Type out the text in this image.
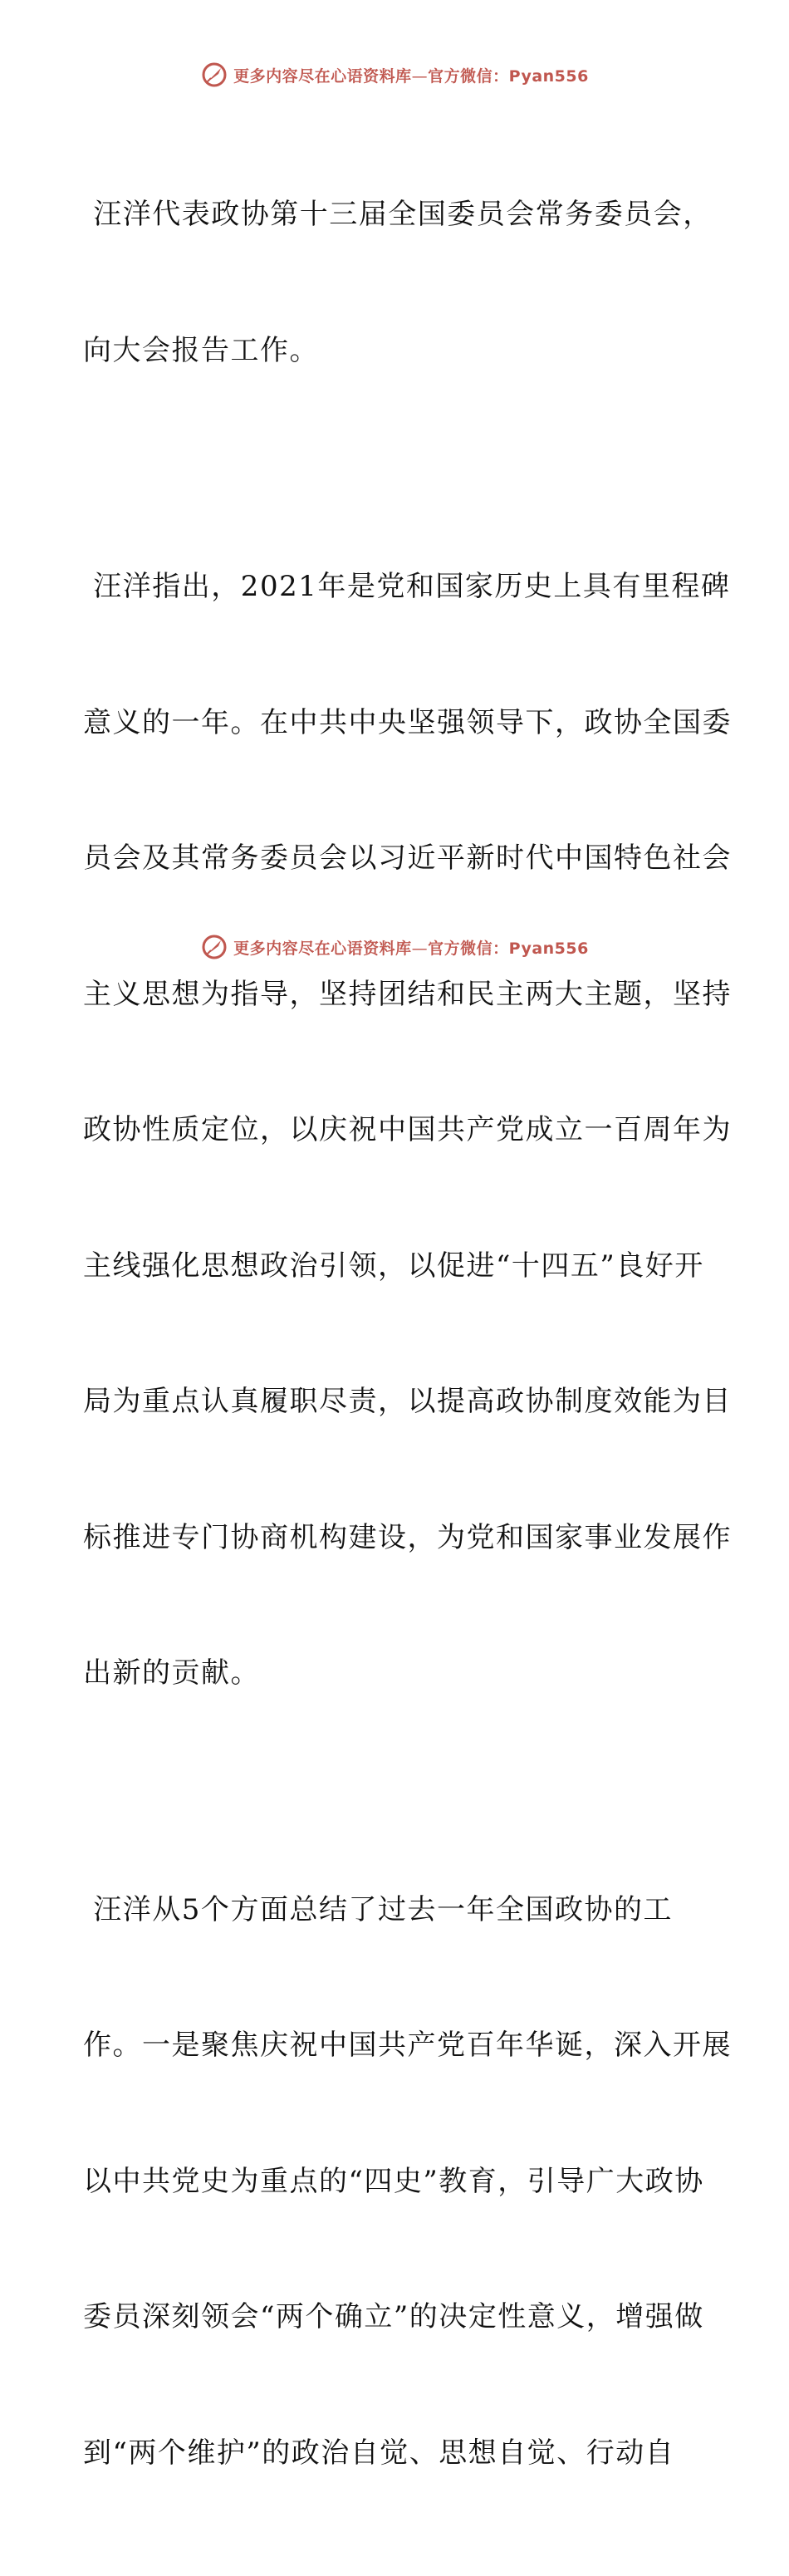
更多内容尽在心语资料库—官方微信：Pyan556

汪洋代表政协第十三届全国委员会常务委员会，

向大会报告工作。

汪洋指出，2021年是党和国家历史上具有里程碑

意义的一年。在中共中央坚强领导下，政协全国委

员会及其常务委员会以习近平新时代中国特色社会

主义思想为指导，坚持团结和民主两大主题，坚持

政协性质定位，以庆祝中国共产党成立一百周年为

主线强化思想政治引领，以促进“十四五”良好开

局为重点认真履职尽责，以提高政协制度效能为目

标推进专门协商机构建设，为党和国家事业发展作

出新的贡献。

汪洋从5个方面总结了过去一年全国政协的工

作。一是聚焦庆祝中国共产党百年华诞，深入开展

以中共党史为重点的“四史”教育，引导广大政协

委员深刻领会“两个确立”的决定性意义，增强做

到“两个维护”的政治自觉、思想自觉、行动自

更多内容尽在心语资料库—官方微信：Pyan556
